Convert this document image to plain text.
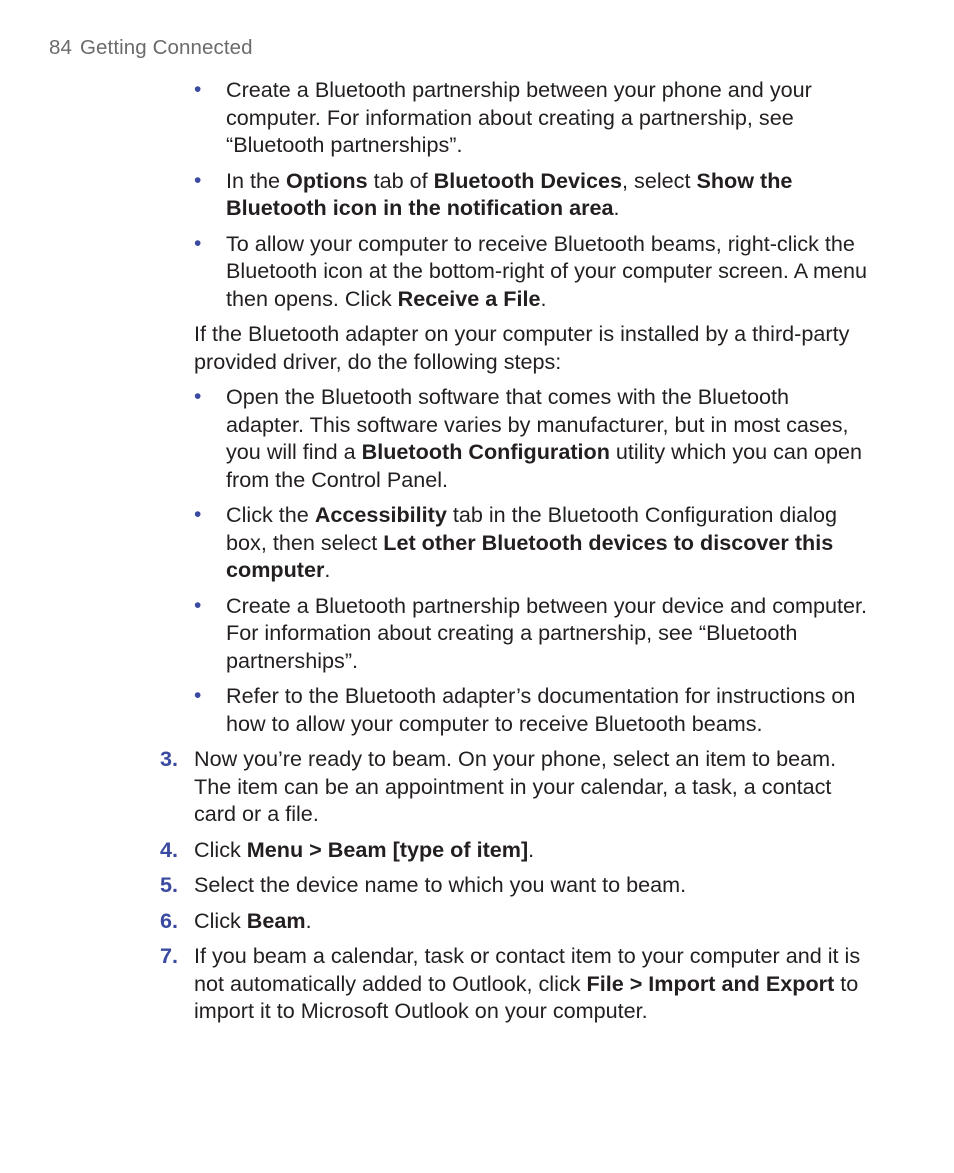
84 Getting Connected
• Create a Bluetooth partnership between your phone and your computer. For information about creating a partnership, see “Bluetooth partnerships”.
• In the Options tab of Bluetooth Devices, select Show the Bluetooth icon in the notification area.
• To allow your computer to receive Bluetooth beams, right-click the Bluetooth icon at the bottom-right of your computer screen. A menu then opens. Click Receive a File.

If the Bluetooth adapter on your computer is installed by a third-party provided driver, do the following steps:

• Open the Bluetooth software that comes with the Bluetooth adapter. This software varies by manufacturer, but in most cases, you will find a Bluetooth Configuration utility which you can open from the Control Panel.
• Click the Accessibility tab in the Bluetooth Configuration dialog box, then select Let other Bluetooth devices to discover this computer.
• Create a Bluetooth partnership between your device and computer. For information about creating a partnership, see “Bluetooth partnerships”.
• Refer to the Bluetooth adapter’s documentation for instructions on how to allow your computer to receive Bluetooth beams.
3. Now you’re ready to beam. On your phone, select an item to beam. The item can be an appointment in your calendar, a task, a contact card or a file.
4. Click Menu > Beam [type of item].
5. Select the device name to which you want to beam.
6. Click Beam.
7. If you beam a calendar, task or contact item to your computer and it is not automatically added to Outlook, click File > Import and Export to import it to Microsoft Outlook on your computer.
